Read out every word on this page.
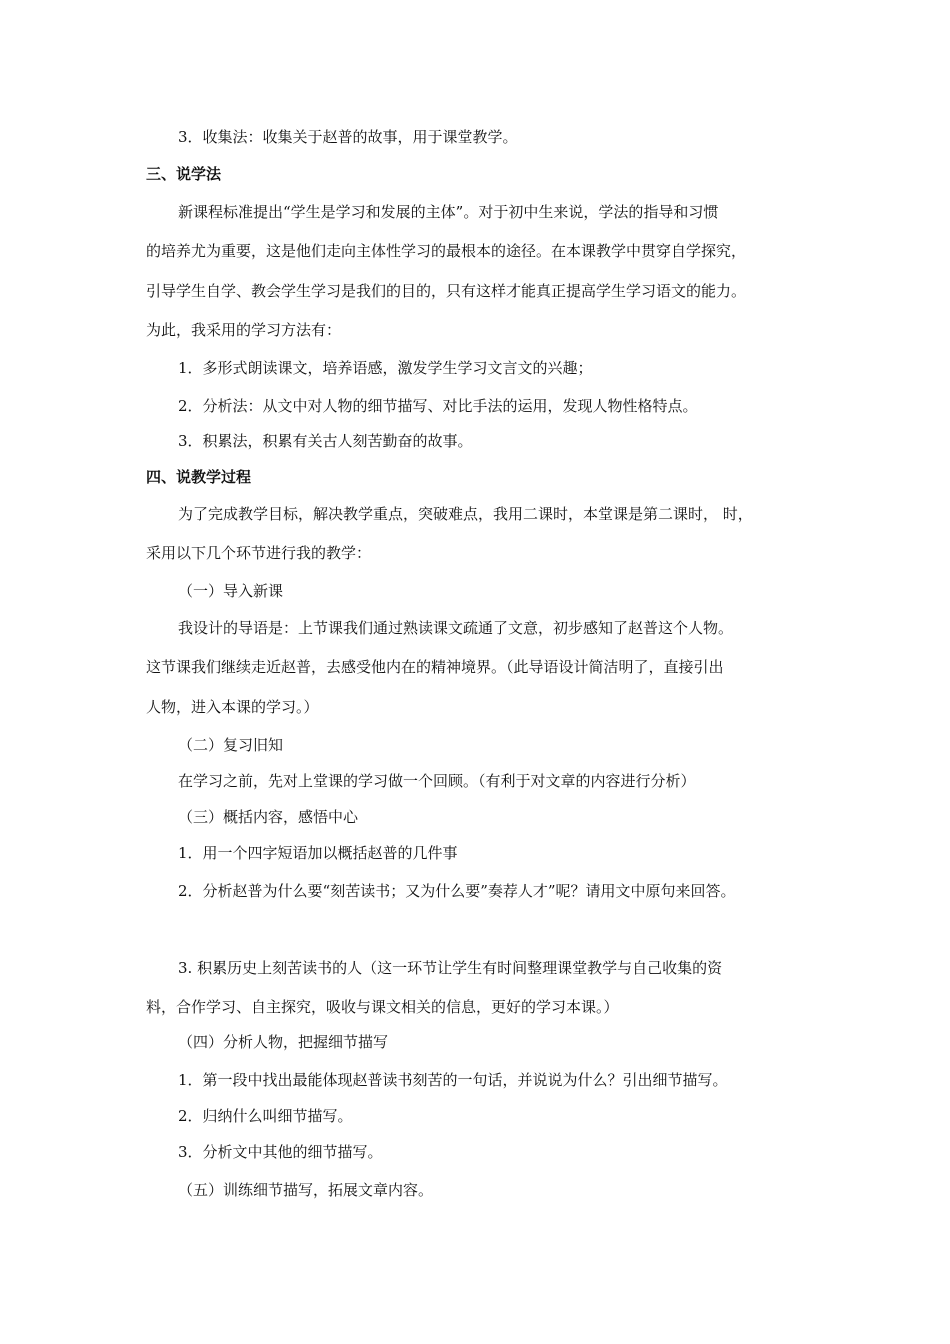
3．收集法：收集关于赵普的故事，用于课堂教学。
三、说学法
新课程标准提出“学生是学习和发展的主体”。对于初中生来说，学法的指导和习惯
的培养尤为重要，这是他们走向主体性学习的最根本的途径。在本课教学中贯穿自学探究，
引导学生自学、教会学生学习是我们的目的，只有这样才能真正提高学生学习语文的能力。
为此，我采用的学习方法有：
1．多形式朗读课文，培养语感，激发学生学习文言文的兴趣；
2．分析法：从文中对人物的细节描写、对比手法的运用，发现人物性格特点。
3．积累法，积累有关古人刻苦勤奋的故事。
四、说教学过程
为了完成教学目标，解决教学重点，突破难点，我用二课时，本堂课是第二课时， 时，
采用以下几个环节进行我的教学：
（一）导入新课
我设计的导语是：上节课我们通过熟读课文疏通了文意，初步感知了赵普这个人物。
这节课我们继续走近赵普，去感受他内在的精神境界。（此导语设计简洁明了，直接引出
人物，进入本课的学习。）
（二）复习旧知
在学习之前，先对上堂课的学习做一个回顾。（有利于对文章的内容进行分析）
（三）概括内容，感悟中心
1．用一个四字短语加以概括赵普的几件事
2．分析赵普为什么要“刻苦读书；又为什么要”奏荐人才”呢？请用文中原句来回答。
3. 积累历史上刻苦读书的人（这一环节让学生有时间整理课堂教学与自己收集的资
料，合作学习、自主探究，吸收与课文相关的信息，更好的学习本课。）
（四）分析人物，把握细节描写
1．第一段中找出最能体现赵普读书刻苦的一句话，并说说为什么？引出细节描写。
2．归纳什么叫细节描写。
3．分析文中其他的细节描写。
（五）训练细节描写，拓展文章内容。
